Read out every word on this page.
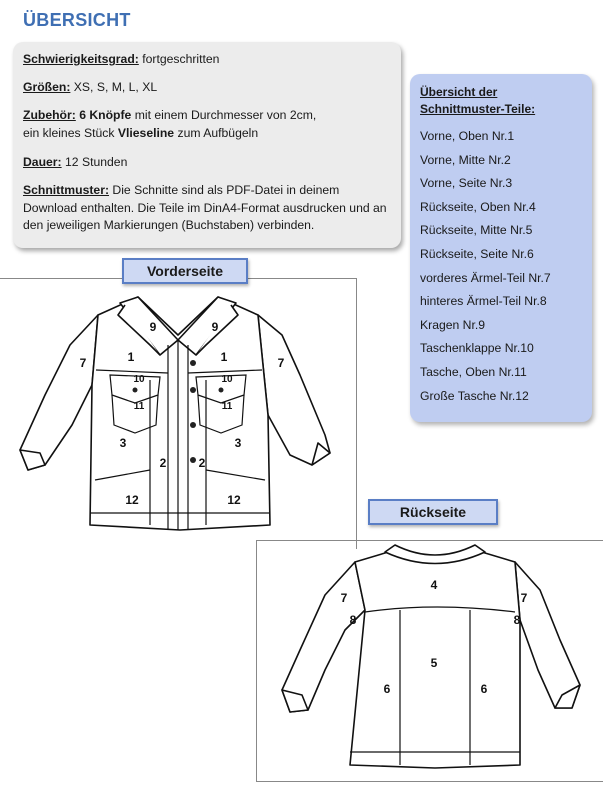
ÜBERSICHT

Schwierigkeitsgrad: fortgeschritten

Größen: XS, S, M, L, XL

Zubehör: 6 Knöpfe mit einem Durchmesser von 2cm,
ein kleines Stück Vlieseline zum Aufbügeln

Dauer: 12 Stunden

Schnittmuster: Die Schnitte sind als PDF-Datei in deinem Download enthalten. Die Teile im DinA4-Format ausdrucken und an den jeweiligen Markierungen (Buchstaben) verbinden.

Übersicht der
Schnittmuster-Teile:
Vorne, Oben Nr.1
Vorne, Mitte Nr.2
Vorne, Seite Nr.3
Rückseite, Oben Nr.4
Rückseite, Mitte Nr.5
Rückseite, Seite Nr.6
vorderes Ärmel-Teil Nr.7
hinteres Ärmel-Teil Nr.8
Kragen Nr.9
Taschenklappe Nr.10
Tasche, Oben Nr.11
Große Tasche Nr.12
9	9
1	1
7	7
10	10
11	11
3	3
2	2
12	12
4
5
6	6
7	7
8	8
Vorderseite
Rückseite
